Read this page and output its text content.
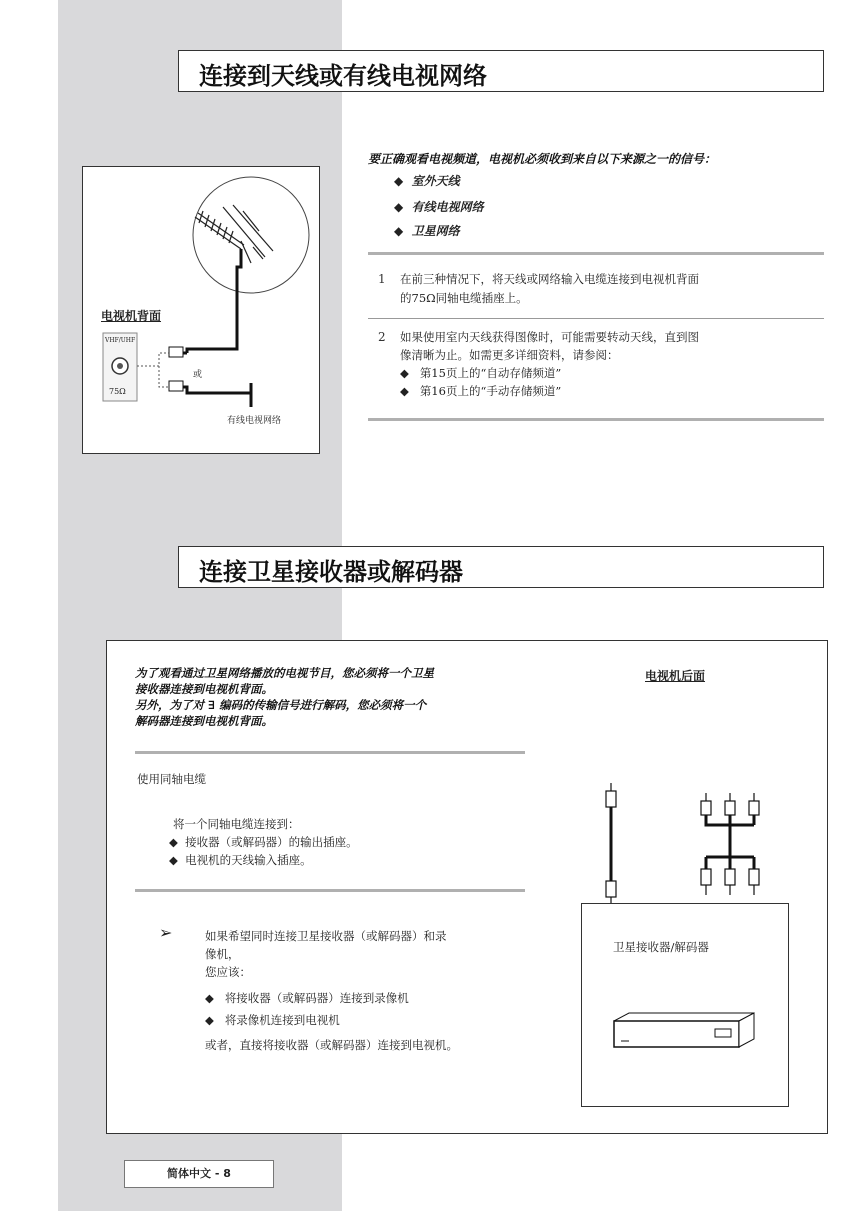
连接到天线或有线电视网络
要正确观看电视频道，电视机必须收到来自以下来源之一的信号：
◆  室外天线
◆  有线电视网络
◆  卫星网络
1 在前三种情况下，将天线或网络输入电缆连接到电视机背面
的75Ω同轴电缆插座上。
2 如果使用室内天线获得图像时，可能需要转动天线，直到图
像清晰为止。如需更多详细资料，请参阅：
◆   第15页上的“自动存储频道”
◆   第16页上的“手动存储频道”
电视机背面
VHF/UHF
75Ω
或
有线电视网络
连接卫星接收器或解码器
为了观看通过卫星网络播放的电视节目，您必须将一个卫星
接收器连接到电视机背面。
另外，为了对 ∃ 编码的传输信号进行解码，您必须将一个
解码器连接到电视机背面。
使用同轴电缆
将一个同轴电缆连接到：
◆  接收器（或解码器）的输出插座。
◆  电视机的天线输入插座。
➢	如果希望同时连接卫星接收器（或解码器）和录
像机，
您应该：
◆   将接收器（或解码器）连接到录像机
◆   将录像机连接到电视机
或者，直接将接收器（或解码器）连接到电视机。
电视机后面
卫星接收器/解码器
简体中文 - 8
